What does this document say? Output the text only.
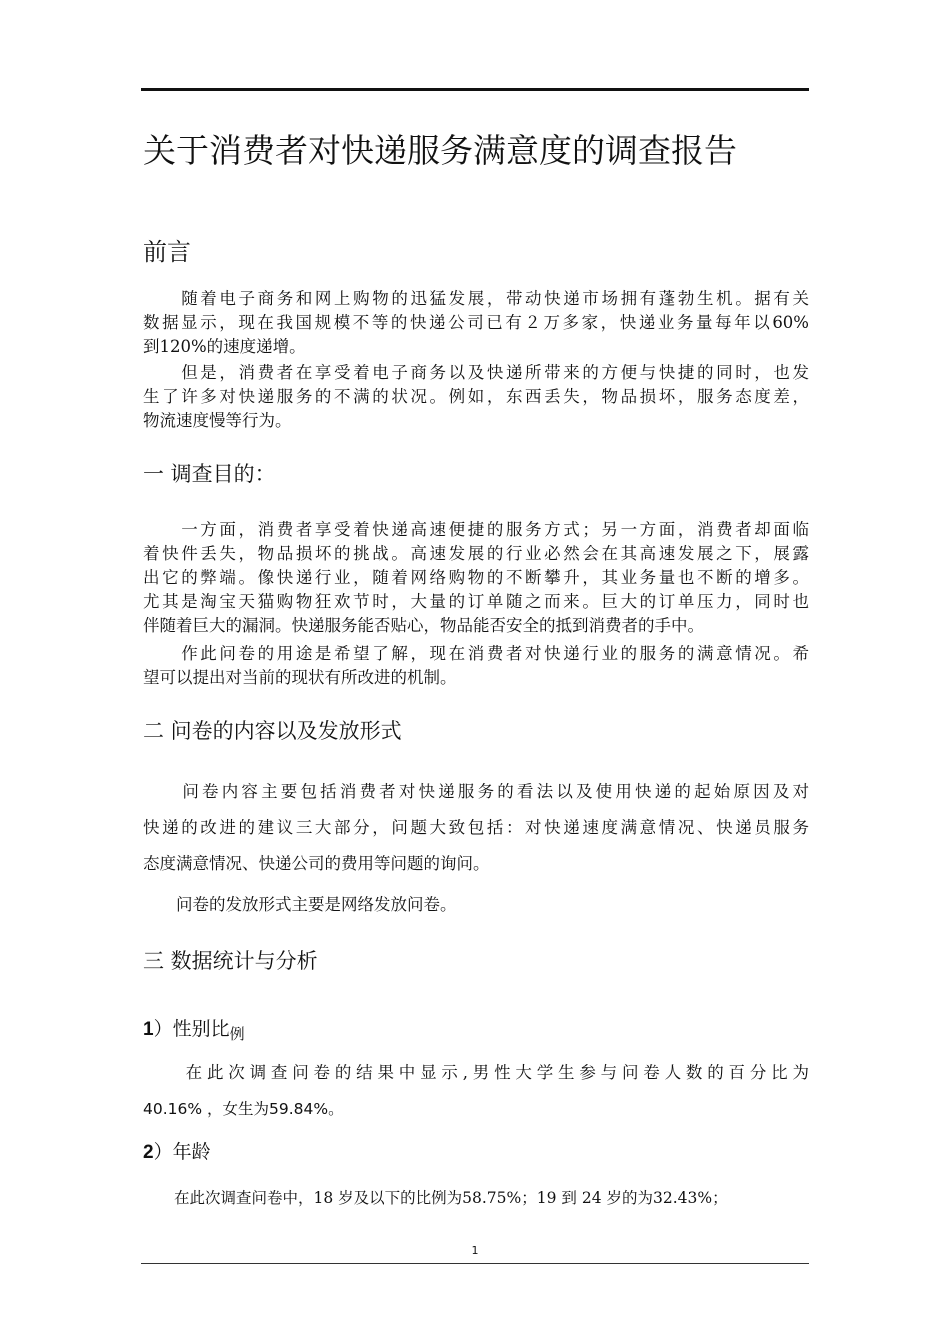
关于消费者对快递服务满意度的调查报告
前言
　　随着电子商务和网上购物的迅猛发展，带动快递市场拥有蓬勃生机。据有关
数据显示，现在我国规模不等的快递公司已有２万多家，快递业务量每年以60%
到120%的速度递增。
　　但是，消费者在享受着电子商务以及快递所带来的方便与快捷的同时，也发
生了许多对快递服务的不满的状况。例如，东西丢失，物品损坏，服务态度差，
物流速度慢等行为。
一 调查目的：
　　一方面，消费者享受着快递高速便捷的服务方式；另一方面，消费者却面临
着快件丢失，物品损坏的挑战。高速发展的行业必然会在其高速发展之下，展露
出它的弊端。像快递行业，随着网络购物的不断攀升，其业务量也不断的增多。
尤其是淘宝天猫购物狂欢节时，大量的订单随之而来。巨大的订单压力，同时也
伴随着巨大的漏洞。快递服务能否贴心，物品能否安全的抵到消费者的手中。
　　作此问卷的用途是希望了解，现在消费者对快递行业的服务的满意情况。希
望可以提出对当前的现状有所改进的机制。
二 问卷的内容以及发放形式
　　问卷内容主要包括消费者对快递服务的看法以及使用快递的起始原因及对
快递的改进的建议三大部分，问题大致包括：对快递速度满意情况、快递员服务
态度满意情况、快递公司的费用等问题的询问。
　　问卷的发放形式主要是网络发放问卷。
三 数据统计与分析
1）性别比$_例$
　　在此次调查问卷的结果中显示,男性大学生参与问卷人数的百分比为
40.16% ，女生为59.84%。
2）年龄
　　在此次调查问卷中，18 岁及以下的比例为58.75%；19 到 24 岁的为32.43%；
1
